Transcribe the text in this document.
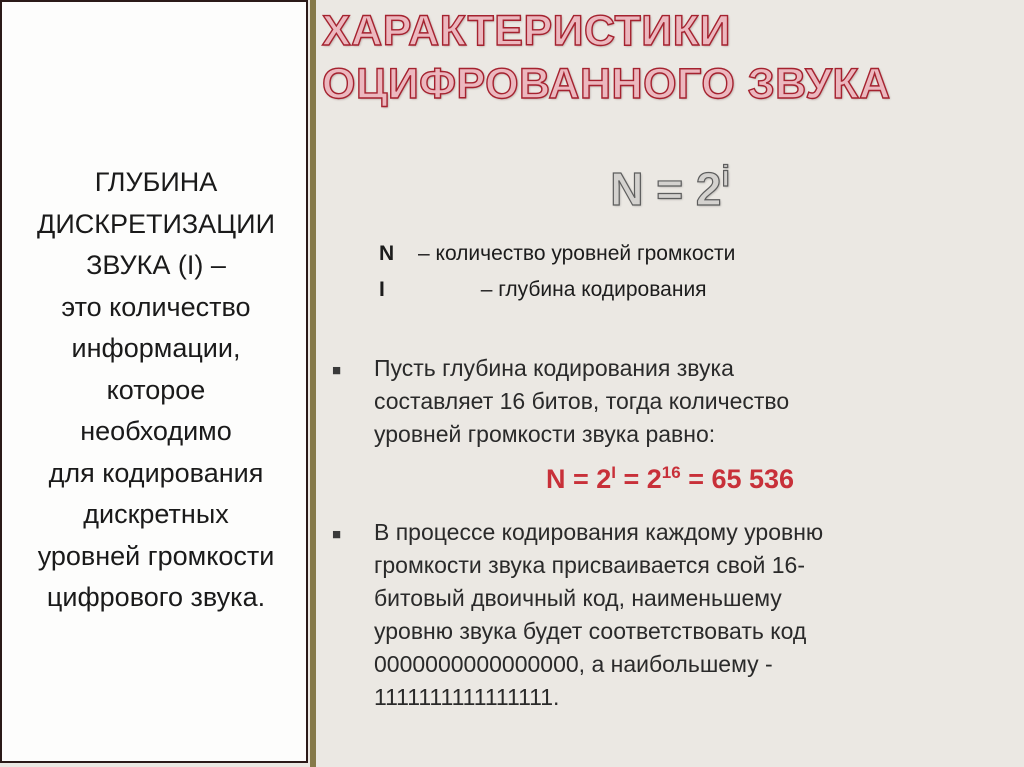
ГЛУБИНА
ДИСКРЕТИЗАЦИИ
ЗВУКА (I) –
это количество
информации,
которое
необходимо
для кодирования
дискретных
уровней громкости
цифрового звука.
ХАРАКТЕРИСТИКИ
ОЦИФРОВАННОГО ЗВУКА
$N = 2^i$
N – количество уровней громкости
I	– глубина кодирования
■ Пусть глубина кодирования звука
составляет 16 битов, тогда количество
уровней громкости звука равно:
$N = 2^I = 2^{16} = 65$ 536
■ В процессе кодирования каждому уровню
громкости звука присваивается свой 16-
битовый двоичный код, наименьшему
уровню звука будет соответствовать код
0000000000000000, а наибольшему -
1111111111111111.
